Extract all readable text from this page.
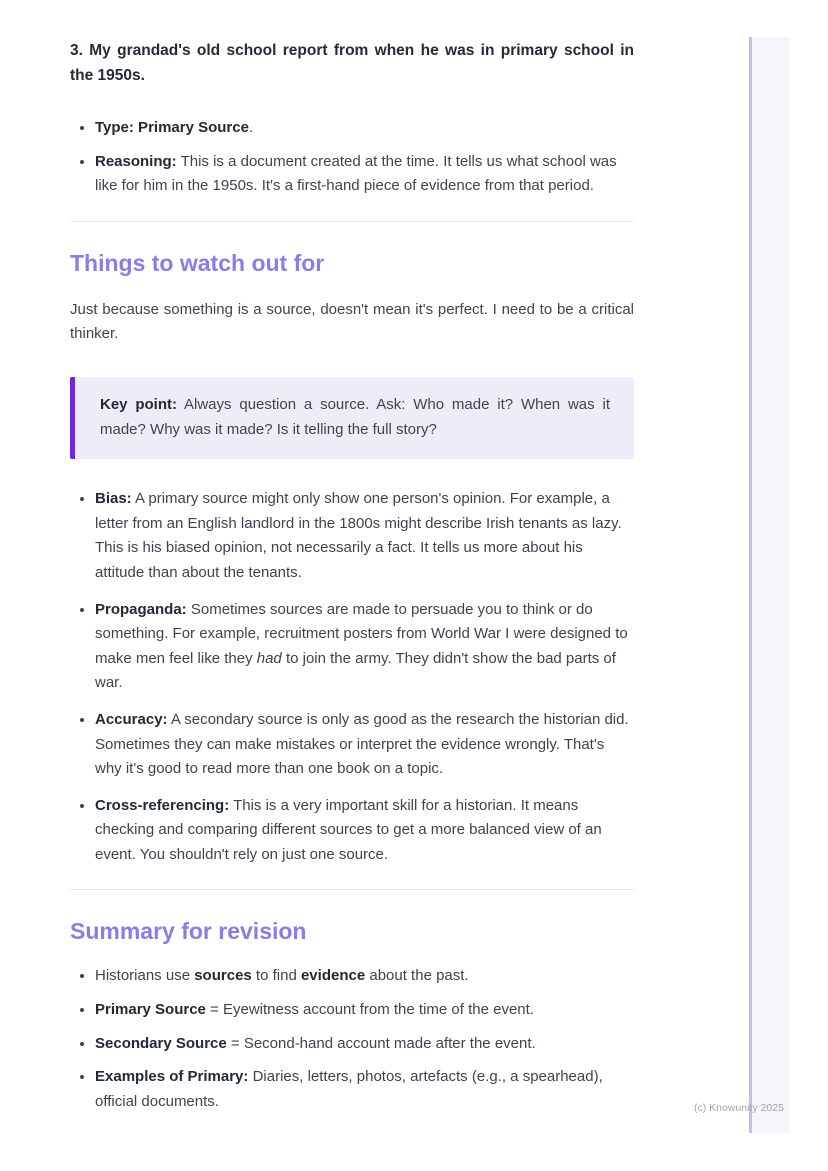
3. My grandad's old school report from when he was in primary school in the 1950s.
• Type: Primary Source.
• Reasoning: This is a document created at the time. It tells us what school was like for him in the 1950s. It's a first-hand piece of evidence from that period.
Things to watch out for

Just because something is a source, doesn't mean it's perfect. I need to be a critical thinker.

Key point: Always question a source. Ask: Who made it? When was it made? Why was it made? Is it telling the full story?

• Bias: A primary source might only show one person's opinion. For example, a letter from an English landlord in the 1800s might describe Irish tenants as lazy. This is his biased opinion, not necessarily a fact. It tells us more about his attitude than about the tenants.
• Propaganda: Sometimes sources are made to persuade you to think or do something. For example, recruitment posters from World War I were designed to make men feel like they had to join the army. They didn't show the bad parts of war.
• Accuracy: A secondary source is only as good as the research the historian did. Sometimes they can make mistakes or interpret the evidence wrongly. That's why it's good to read more than one book on a topic.
• Cross-referencing: This is a very important skill for a historian. It means checking and comparing different sources to get a more balanced view of an event. You shouldn't rely on just one source.
Summary for revision
• Historians use sources to find evidence about the past.
• Primary Source = Eyewitness account from the time of the event.
• Secondary Source = Second-hand account made after the event.
• Examples of Primary: Diaries, letters, photos, artefacts (e.g., a spearhead), official documents.	(c) Knowunity 2025
